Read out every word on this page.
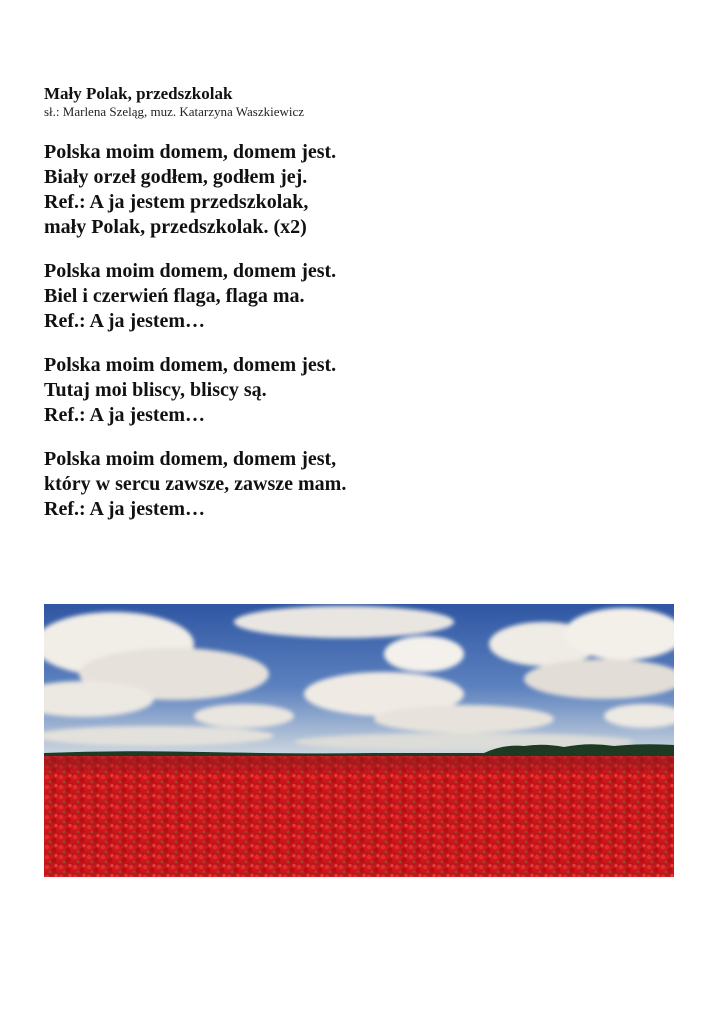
Mały Polak, przedszkolak

sł.: Marlena Szeląg, muz. Katarzyna Waszkiewicz

Polska moim domem, domem jest.
Biały orzeł godłem, godłem jej.
Ref.: A ja jestem przedszkolak,
mały Polak, przedszkolak. (x2)

Polska moim domem, domem jest.
Biel i czerwień flaga, flaga ma.
Ref.: A ja jestem…

Polska moim domem, domem jest.
Tutaj moi bliscy, bliscy są.
Ref.: A ja jestem…

Polska moim domem, domem jest,
który w sercu zawsze, zawsze mam.
Ref.: A ja jestem…
